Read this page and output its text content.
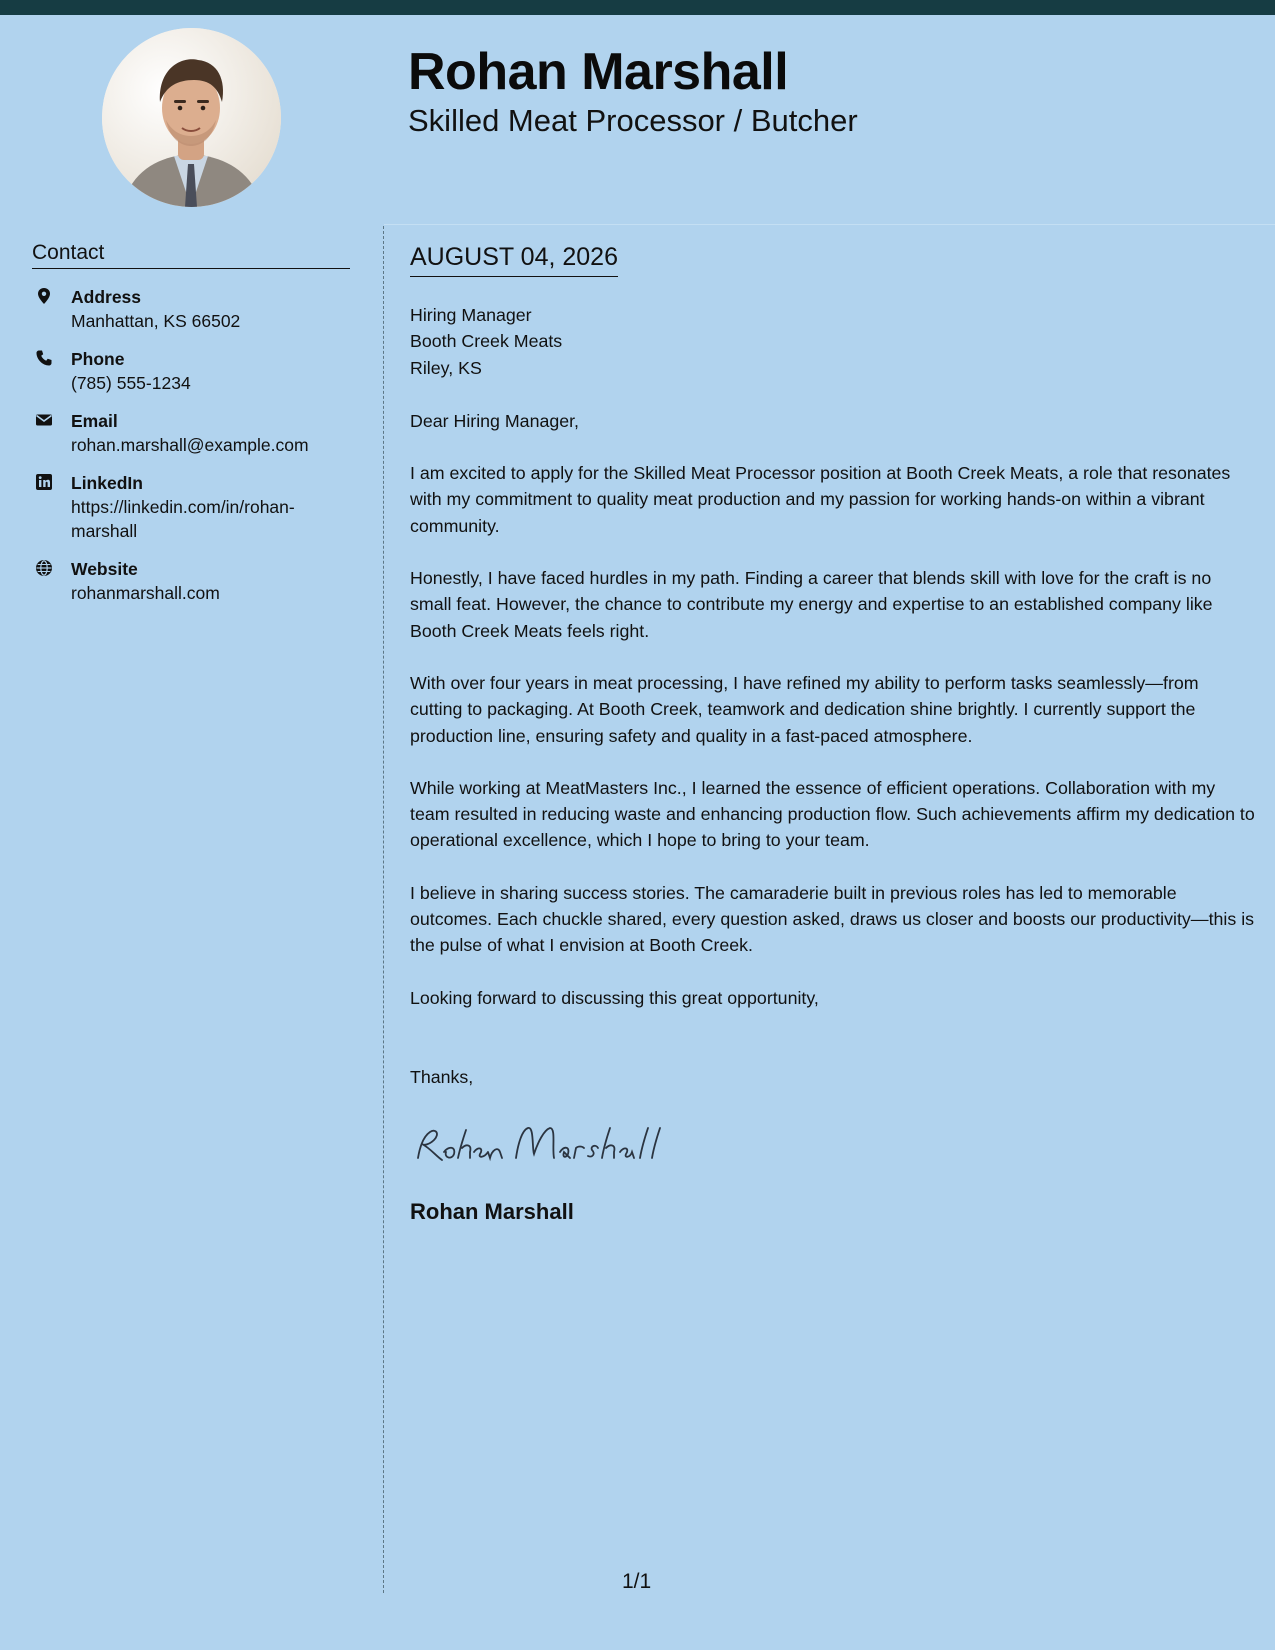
Rohan Marshall
Skilled Meat Processor / Butcher
Contact
Address
Manhattan, KS 66502
Phone
(785) 555-1234
Email
rohan.marshall@example.com
LinkedIn
https://linkedin.com/in/rohan-marshall
Website
rohanmarshall.com
AUGUST 04, 2026

Hiring Manager

Booth Creek Meats

Riley, KS

Dear Hiring Manager,

I am excited to apply for the Skilled Meat Processor position at Booth Creek Meats, a role that resonates with my commitment to quality meat production and my passion for working hands-on within a vibrant community.

Honestly, I have faced hurdles in my path. Finding a career that blends skill with love for the craft is no small feat. However, the chance to contribute my energy and expertise to an established company like Booth Creek Meats feels right.

With over four years in meat processing, I have refined my ability to perform tasks seamlessly—from cutting to packaging. At Booth Creek, teamwork and dedication shine brightly. I currently support the production line, ensuring safety and quality in a fast-paced atmosphere.

While working at MeatMasters Inc., I learned the essence of efficient operations. Collaboration with my team resulted in reducing waste and enhancing production flow. Such achievements affirm my dedication to operational excellence, which I hope to bring to your team.

I believe in sharing success stories. The camaraderie built in previous roles has led to memorable outcomes. Each chuckle shared, every question asked, draws us closer and boosts our productivity—this is the pulse of what I envision at Booth Creek.

Looking forward to discussing this great opportunity,

Thanks,

Rohan Marshall
1/1
